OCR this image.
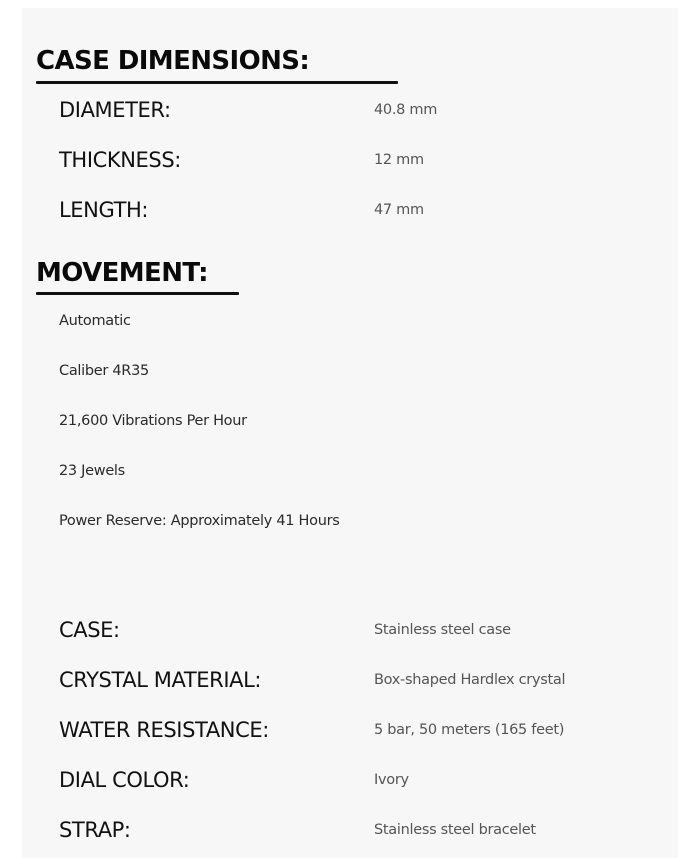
CASE DIMENSIONS:
DIAMETER:	40.8 mm
THICKNESS:	12 mm
LENGTH:	47 mm
MOVEMENT:
Automatic
Caliber 4R35
21,600 Vibrations Per Hour
23 Jewels
Power Reserve: Approximately 41 Hours
CASE:	Stainless steel case
CRYSTAL MATERIAL:	Box-shaped Hardlex crystal
WATER RESISTANCE:	5 bar, 50 meters (165 feet)
DIAL COLOR:	Ivory
STRAP:	Stainless steel bracelet
